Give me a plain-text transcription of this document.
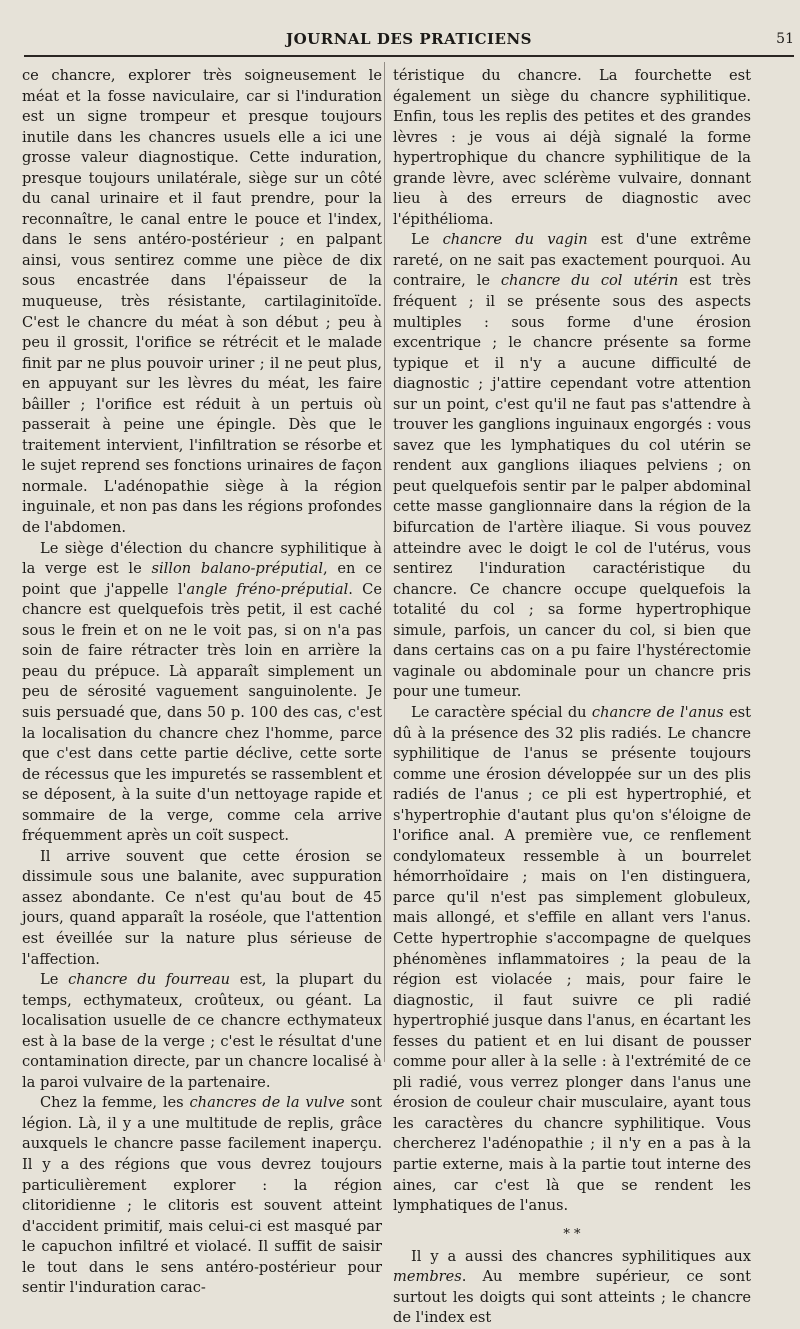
JOURNAL DES PRATICIENS	51

ce chancre, explorer très soigneusement le méat et la fosse naviculaire, car si l'induration est un signe trompeur et presque toujours inutile dans les chancres usuels elle a ici une grosse valeur diagnostique. Cette induration, presque toujours unilatérale, siège sur un côté du canal urinaire et il faut prendre, pour la reconnaître, le canal entre le pouce et l'index, dans le sens antéro-postérieur ; en palpant ainsi, vous sentirez comme une pièce de dix sous encastrée dans l'épaisseur de la muqueuse, très résistante, cartilaginitoïde. C'est le chancre du méat à son début ; peu à peu il grossit, l'orifice se rétrécit et le malade finit par ne plus pouvoir uriner ; il ne peut plus, en appuyant sur les lèvres du méat, les faire bâiller ; l'orifice est réduit à un pertuis où passerait à peine une épingle. Dès que le traitement intervient, l'infiltration se résorbe et le sujet reprend ses fonctions urinaires de façon normale. L'adénopathie siège à la région inguinale, et non pas dans les régions profondes de l'abdomen.

Le siège d'élection du chancre syphilitique à la verge est le sillon balano-préputial, en ce point que j'appelle l'angle fréno-préputial. Ce chancre est quelquefois très petit, il est caché sous le frein et on ne le voit pas, si on n'a pas soin de faire rétracter très loin en arrière la peau du prépuce. Là apparaît simplement un peu de sérosité vaguement sanguinolente. Je suis persuadé que, dans 50 p. 100 des cas, c'est la localisation du chancre chez l'homme, parce que c'est dans cette partie déclive, cette sorte de récessus que les impuretés se rassemblent et se déposent, à la suite d'un nettoyage rapide et sommaire de la verge, comme cela arrive fréquemment après un coït suspect.

Il arrive souvent que cette érosion se dissimule sous une balanite, avec suppuration assez abondante. Ce n'est qu'au bout de 45 jours, quand apparaît la roséole, que l'attention est éveillée sur la nature plus sérieuse de l'affection.

Le chancre du fourreau est, la plupart du temps, ecthymateux, croûteux, ou géant. La localisation usuelle de ce chancre ecthymateux est à la base de la verge ; c'est le résultat d'une contamination directe, par un chancre localisé à la paroi vulvaire de la partenaire.

Chez la femme, les chancres de la vulve sont légion. Là, il y a une multitude de replis, grâce auxquels le chancre passe facilement inaperçu. Il y a des régions que vous devrez toujours particulièrement explorer : la région clitoridienne ; le clitoris est souvent atteint d'accident primitif, mais celui-ci est masqué par le capuchon infiltré et violacé. Il suffit de saisir le tout dans le sens antéro-postérieur pour sentir l'induration carac-

téristique du chancre. La fourchette est également un siège du chancre syphilitique. Enfin, tous les replis des petites et des grandes lèvres : je vous ai déjà signalé la forme hypertrophique du chancre syphilitique de la grande lèvre, avec sclérème vulvaire, donnant lieu à des erreurs de diagnostic avec l'épithélioma.

Le chancre du vagin est d'une extrême rareté, on ne sait pas exactement pourquoi. Au contraire, le chancre du col utérin est très fréquent ; il se présente sous des aspects multiples : sous forme d'une érosion excentrique ; le chancre présente sa forme typique et il n'y a aucune difficulté de diagnostic ; j'attire cependant votre attention sur un point, c'est qu'il ne faut pas s'attendre à trouver les ganglions inguinaux engorgés : vous savez que les lymphatiques du col utérin se rendent aux ganglions iliaques pelviens ; on peut quelquefois sentir par le palper abdominal cette masse ganglionnaire dans la région de la bifurcation de l'artère iliaque. Si vous pouvez atteindre avec le doigt le col de l'utérus, vous sentirez l'induration caractéristique du chancre. Ce chancre occupe quelquefois la totalité du col ; sa forme hypertrophique simule, parfois, un cancer du col, si bien que dans certains cas on a pu faire l'hystérectomie vaginale ou abdominale pour un chancre pris pour une tumeur.

Le caractère spécial du chancre de l'anus est dû à la présence des 32 plis radiés. Le chancre syphilitique de l'anus se présente toujours comme une érosion développée sur un des plis radiés de l'anus ; ce pli est hypertrophié, et s'hypertrophie d'autant plus qu'on s'éloigne de l'orifice anal. A première vue, ce renflement condylomateux ressemble à un bourrelet hémorrhoïdaire ; mais on l'en distinguera, parce qu'il n'est pas simplement globuleux, mais allongé, et s'effile en allant vers l'anus. Cette hypertrophie s'accompagne de quelques phénomènes inflammatoires ; la peau de la région est violacée ; mais, pour faire le diagnostic, il faut suivre ce pli radié hypertrophié jusque dans l'anus, en écartant les fesses du patient et en lui disant de pousser comme pour aller à la selle : à l'extrémité de ce pli radié, vous verrez plonger dans l'anus une érosion de couleur chair musculaire, ayant tous les caractères du chancre syphilitique. Vous chercherez l'adénopathie ; il n'y en a pas à la partie externe, mais à la partie tout interne des aines, car c'est là que se rendent les lymphatiques de l'anus.

* *

Il y a aussi des chancres syphilitiques aux membres. Au membre supérieur, ce sont surtout les doigts qui sont atteints ; le chancre de l'index est
